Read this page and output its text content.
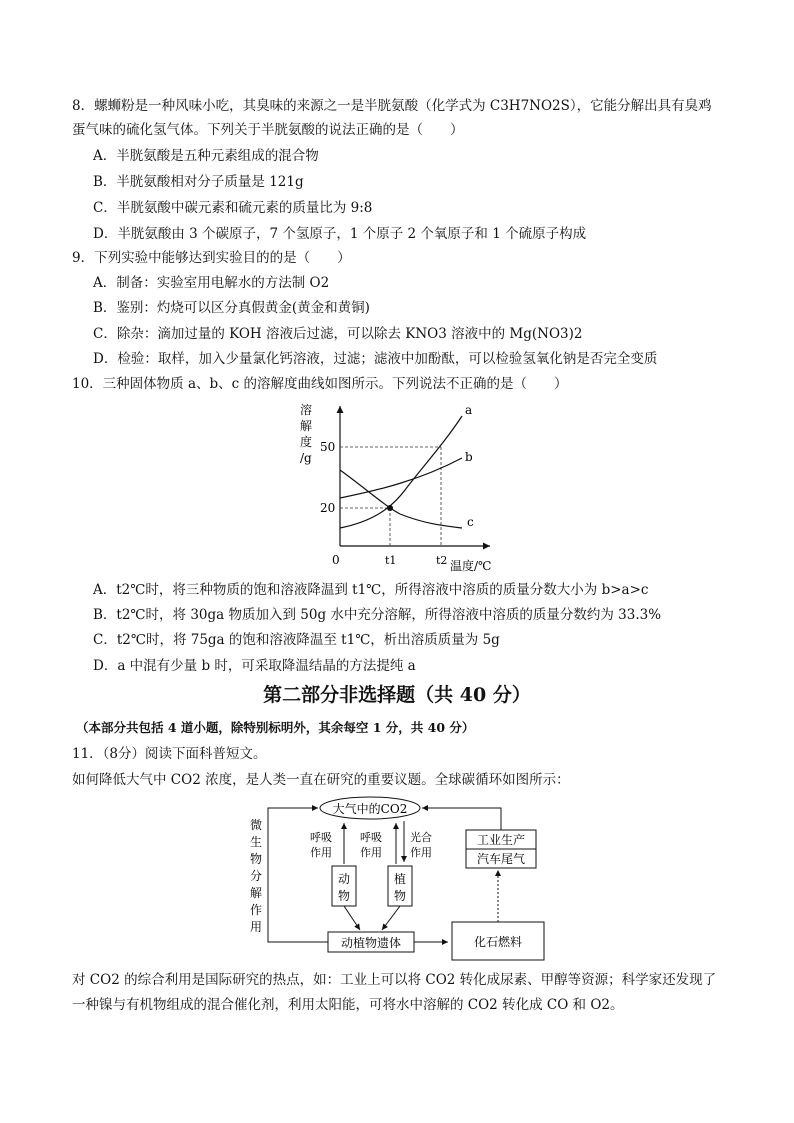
8．螺蛳粉是一种风味小吃，其臭味的来源之一是半胱氨酸（化学式为 C3H7NO2S），它能分解出具有臭鸡
蛋气味的硫化氢气体。下列关于半胱氨酸的说法正确的是（　　）
A．半胱氨酸是五种元素组成的混合物
B．半胱氨酸相对分子质量是 121g
C．半胱氨酸中碳元素和硫元素的质量比为 9:8
D．半胱氨酸由 3 个碳原子，7 个氢原子，1 个原子 2 个氧原子和 1 个硫原子构成
9．下列实验中能够达到实验目的的是（　　）
A．制备：实验室用电解水的方法制 O2
B．鉴别：灼烧可以区分真假黄金(黄金和黄铜)
C．除杂：滴加过量的 KOH 溶液后过滤，可以除去 KNO3 溶液中的 Mg(NO3)2
D．检验：取样，加入少量氯化钙溶液，过滤；滤液中加酚酞，可以检验氢氧化钠是否完全变质
10．三种固体物质 a、b、c 的溶解度曲线如图所示。下列说法不正确的是（　　）
溶
解
度
/g
50
20
0	t1	t2 温度/℃
a
b
c
A．t2℃时，将三种物质的饱和溶液降温到 t1℃，所得溶液中溶质的质量分数大小为 b>a>c
B．t2℃时，将 30ga 物质加入到 50g 水中充分溶解，所得溶液中溶质的质量分数约为 33.3%
C．t2℃时，将 75ga 的饱和溶液降温至 t1℃，析出溶质质量为 5g
D．a 中混有少量 b 时，可采取降温结晶的方法提纯 a
第二部分非选择题（共 40 分）
（本部分共包括 4 道小题，除特别标明外，其余每空 1 分，共 40 分）
11．（8分）阅读下面科普短文。
如何降低大气中 CO2 浓度，是人类一直在研究的重要议题。全球碳循环如图所示：
大气中的CO2
微
生
物
分
解
作
用
呼吸
作用
呼吸
作用
光合
作用
动
物
植
物
动植物遗体	化石燃料
工业生产
汽车尾气
对 CO2 的综合利用是国际研究的热点，如：工业上可以将 CO2 转化成尿素、甲醇等资源；科学家还发现了
一种镍与有机物组成的混合催化剂，利用太阳能，可将水中溶解的 CO2 转化成 CO 和 O2。
